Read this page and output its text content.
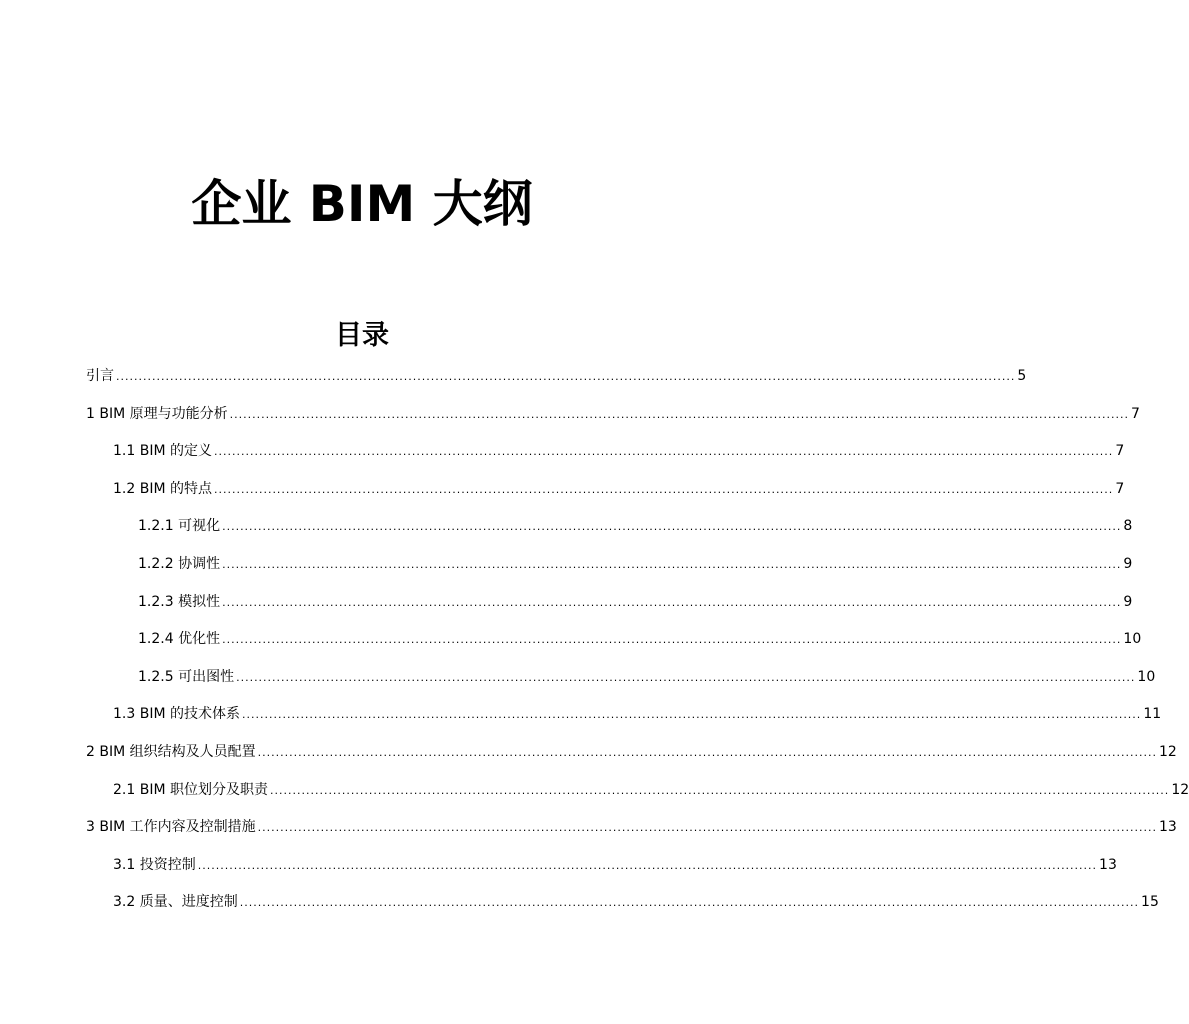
企业 BIM 大纲
目录
引言 ........................................................................................................................................................................................................ 5
1 BIM 原理与功能分析 ........................................................................................................................................................................................................ 7
1.1 BIM 的定义 ........................................................................................................................................................................................................ 7
1.2 BIM 的特点 ........................................................................................................................................................................................................ 7
1.2.1 可视化 ........................................................................................................................................................................................................ 8
1.2.2 协调性 ........................................................................................................................................................................................................ 9
1.2.3 模拟性 ........................................................................................................................................................................................................ 9
1.2.4 优化性 ........................................................................................................................................................................................................ 10
1.2.5 可出图性 ........................................................................................................................................................................................................ 10
1.3 BIM 的技术体系 ........................................................................................................................................................................................................ 11
2 BIM 组织结构及人员配置 ........................................................................................................................................................................................................ 12
2.1 BIM 职位划分及职责 ........................................................................................................................................................................................................ 12
3 BIM 工作内容及控制措施 ........................................................................................................................................................................................................ 13
3.1 投资控制 ........................................................................................................................................................................................................ 13
3.2 质量、进度控制 ........................................................................................................................................................................................................ 15
